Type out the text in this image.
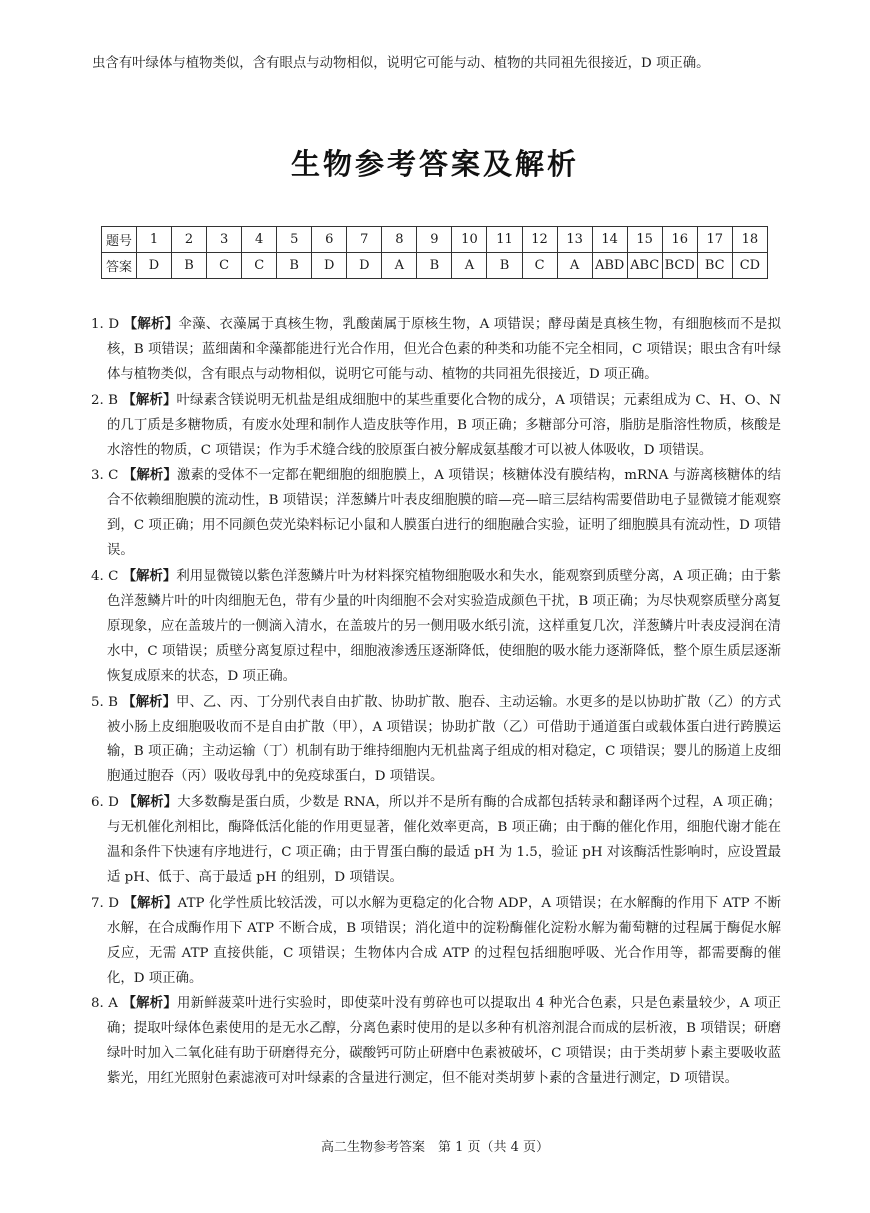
虫含有叶绿体与植物类似，含有眼点与动物相似，说明它可能与动、植物的共同祖先很接近，D 项正确。
生物参考答案及解析
题号	1	2	3	4	5	6	7	8	9	10	11	12	13	14	15	16	17	18
答案	D	B	C	C	B	D	D	A	B	A	B	C	A	ABD	ABC	BCD	BC	CD

1. D 【解析】伞藻、衣藻属于真核生物，乳酸菌属于原核生物，A 项错误；酵母菌是真核生物，有细胞核而不是拟核，B 项错误；蓝细菌和伞藻都能进行光合作用，但光合色素的种类和功能不完全相同，C 项错误；眼虫含有叶绿体与植物类似，含有眼点与动物相似，说明它可能与动、植物的共同祖先很接近，D 项正确。

2. B 【解析】叶绿素含镁说明无机盐是组成细胞中的某些重要化合物的成分，A 项错误；元素组成为 C、H、O、N 的几丁质是多糖物质，有废水处理和制作人造皮肤等作用，B 项正确；多糖部分可溶，脂肪是脂溶性物质，核酸是水溶性的物质，C 项错误；作为手术缝合线的胶原蛋白被分解成氨基酸才可以被人体吸收，D 项错误。

3. C 【解析】激素的受体不一定都在靶细胞的细胞膜上，A 项错误；核糖体没有膜结构，mRNA 与游离核糖体的结合不依赖细胞膜的流动性，B 项错误；洋葱鳞片叶表皮细胞膜的暗—亮—暗三层结构需要借助电子显微镜才能观察到，C 项正确；用不同颜色荧光染料标记小鼠和人膜蛋白进行的细胞融合实验，证明了细胞膜具有流动性，D 项错误。

4. C 【解析】利用显微镜以紫色洋葱鳞片叶为材料探究植物细胞吸水和失水，能观察到质壁分离，A 项正确；由于紫色洋葱鳞片叶的叶肉细胞无色，带有少量的叶肉细胞不会对实验造成颜色干扰，B 项正确；为尽快观察质壁分离复原现象，应在盖玻片的一侧滴入清水，在盖玻片的另一侧用吸水纸引流，这样重复几次，洋葱鳞片叶表皮浸润在清水中，C 项错误；质壁分离复原过程中，细胞液渗透压逐渐降低，使细胞的吸水能力逐渐降低，整个原生质层逐渐恢复成原来的状态，D 项正确。

5. B 【解析】甲、乙、丙、丁分别代表自由扩散、协助扩散、胞吞、主动运输。水更多的是以协助扩散（乙）的方式被小肠上皮细胞吸收而不是自由扩散（甲），A 项错误；协助扩散（乙）可借助于通道蛋白或载体蛋白进行跨膜运输，B 项正确；主动运输（丁）机制有助于维持细胞内无机盐离子组成的相对稳定，C 项错误；婴儿的肠道上皮细胞通过胞吞（丙）吸收母乳中的免疫球蛋白，D 项错误。

6. D 【解析】大多数酶是蛋白质，少数是 RNA，所以并不是所有酶的合成都包括转录和翻译两个过程，A 项正确；与无机催化剂相比，酶降低活化能的作用更显著，催化效率更高，B 项正确；由于酶的催化作用，细胞代谢才能在温和条件下快速有序地进行，C 项正确；由于胃蛋白酶的最适 pH 为 1.5，验证 pH 对该酶活性影响时，应设置最适 pH、低于、高于最适 pH 的组别，D 项错误。

7. D 【解析】ATP 化学性质比较活泼，可以水解为更稳定的化合物 ADP，A 项错误；在水解酶的作用下 ATP 不断水解，在合成酶作用下 ATP 不断合成，B 项错误；消化道中的淀粉酶催化淀粉水解为葡萄糖的过程属于酶促水解反应，无需 ATP 直接供能，C 项错误；生物体内合成 ATP 的过程包括细胞呼吸、光合作用等，都需要酶的催化，D 项正确。

8. A 【解析】用新鲜菠菜叶进行实验时，即使菜叶没有剪碎也可以提取出 4 种光合色素，只是色素量较少，A 项正确；提取叶绿体色素使用的是无水乙醇，分离色素时使用的是以多种有机溶剂混合而成的层析液，B 项错误；研磨绿叶时加入二氧化硅有助于研磨得充分，碳酸钙可防止研磨中色素被破坏，C 项错误；由于类胡萝卜素主要吸收蓝紫光，用红光照射色素滤液可对叶绿素的含量进行测定，但不能对类胡萝卜素的含量进行测定，D 项错误。

高二生物参考答案　第 1 页（共 4 页）
